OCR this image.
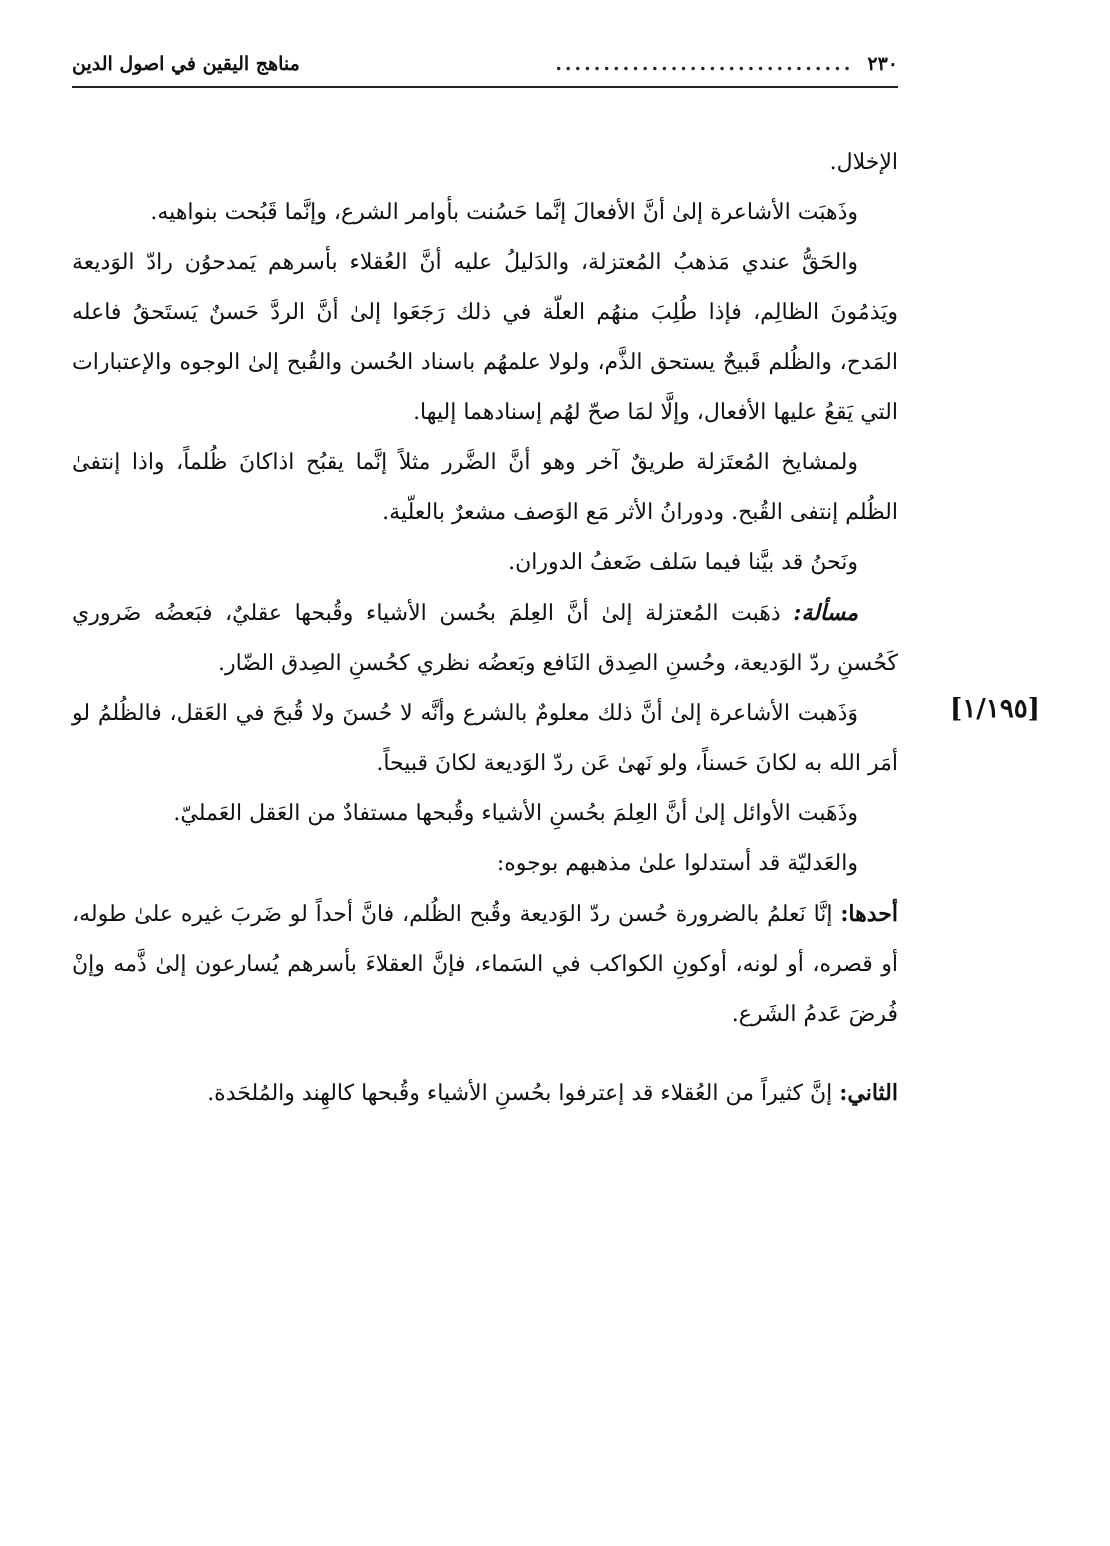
٢٣٠
...............................
مناهج اليقين في اصول الدين
[١/١٩٥]

الإخلال.

وذَهبَت الأشاعرة إلىٰ أنَّ الأفعالَ إنَّما حَسُنت بأوامر الشرع، وإنَّما قَبُحت بنواهيه.

والحَقُّ عندي مَذهبُ المُعتزلة، والدَليلُ عليه أنَّ العُقلاء بأسرهم يَمدحوُن رادّ الوَديعة ويَذمُونَ الظالِم، فإذا طُلِبَ منهُم العلّة في ذلك رَجَعَوا إلىٰ أنَّ الردَّ حَسنٌ يَستَحقُ فاعله المَدح، والظُلم قَبيحٌ يستحق الذَّم، ولولا علمهُم باسناد الحُسن والقُبح إلىٰ الوجوه والإعتبارات التي يَقعُ عليها الأفعال، وإلَّا لمَا صحّ لهُم إسنادهما إليها.

ولمشايخ المُعتَزلة طريقٌ آخر وهو أنَّ الضَّرر مثلاً إنَّما يقبُح اذاكانَ ظُلماً، واذا إنتفىٰ الظُلم إنتفى القُبح. ودورانُ الأثر مَع الوَصف مشعرٌ بالعلّية.

ونَحنُ قد بيَّنا فيما سَلف ضَعفُ الدوران.

مسألة: ذهَبت المُعتزلة إلىٰ أنَّ العِلمَ بحُسن الأشياء وقُبحها عقليٌ، فبَعضُه ضَروري كَحُسنِ ردّ الوَديعة، وحُسنِ الصِدق النَافع وبَعضُه نظري كحُسنِ الصِدق الضّار.

وَذَهبت الأشاعرة إلىٰ أنَّ ذلك معلومٌ بالشرع وأنَّه لا حُسنَ ولا قُبحَ في العَقل، فالظُلمُ لو أمَر الله به لكانَ حَسناً، ولو نَهىٰ عَن ردّ الوَديعة لكانَ قبيحاً.

وذَهَبت الأوائل إلىٰ أنَّ العِلمَ بحُسنِ الأشياء وقُبحها مستفادٌ من العَقل العَمليّ.

والعَدليّة قد أستدلوا علىٰ مذهبهم بوجوه:

أحدها: إنَّا نَعلمُ بالضرورة حُسن ردّ الوَديعة وقُبح الظُلم، فانَّ أحداً لو ضَربَ غيره علىٰ طوله، أو قصره، أو لونه، أوكونِ الكواكب في السَماء، فإنَّ العقلاءَ بأسرهم يُسارعون إلىٰ ذَّمه وإنْ فُرضَ عَدمُ الشَرع.

الثاني: إنَّ كثيراً من العُقلاء قد إعترفوا بحُسنِ الأشياء وقُبحها كالهِند والمُلحَدة.
